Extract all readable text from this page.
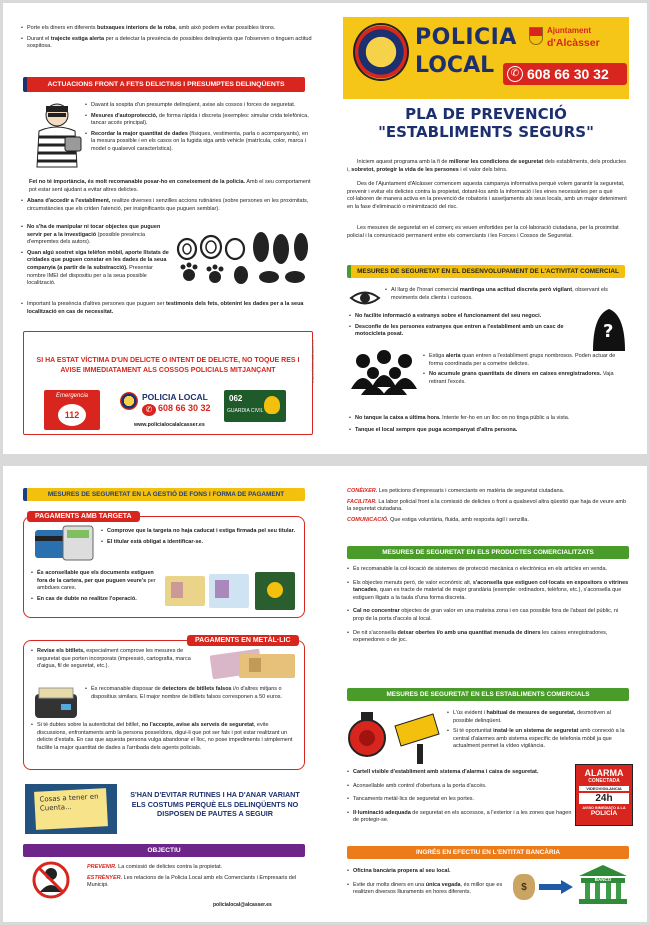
• Porte els diners en diferents butxaques interiors de la roba, amb això podem evitar possibles tirons.
• Durant el trajecte estiga alerta per a detectar la presència de possibles delinqüents que l'observen o tinguen actitud sospitosa.
ACTUACIONS FRONT A FETS DELICTIUS I PRESUMPTES DELINQÜENTS
• Davant la sospita d'un presumpte delinqüent, avise als cossos i forces de seguretat.
• Mesures d'autoprotecció, de forma ràpida i discreta (exemples: simular crida telefònica, tancar accés principal).
• Recordar la major quantitat de dades (físiques, vestimenta, parla o acompanyants), en la mesura possible i en els casos on la fugida siga amb vehicle (matrícula, color, marca i model o qualsevol característica).
Fet no té importància, és molt recomanable posar-ho en coneixement de la policia. Amb el seu comportament pot estar sent ajudant a evitar altres delictes.
• Abans d'accedir a l'establiment, realitze diverses i senzilles accions rutinàries (sobre persones en les proximitats, circumstàncies que els criden l'atenció, per insignificants que puguen semblar).
• No s'ha de manipular ni tocar objectes que puguen servir per a la investigació (possible presència d'empremtes dels autors).
• Quan algú sostret siga telèfon mòbil, aporte llistats de cridades que puguen constar en les dades de la seua companyia (a partir de la substracció). Presentar nombre IMEI del dispositiu per a la seua possible localització.
• Important la presència d'altres persones que puguen ser testimonis dels fets, obtenint les dades per a la seua localització en cas de necessitat.
SI HA ESTAT VÍCTIMA D'UN DELICTE O INTENT DE DELICTE, NO TOQUE RES I AVISE IMMEDIATAMENT ALS COSSOS POLICIALS MITJANÇANT
Emergencia
112
POLICIA LOCAL
✆ 608 66 30 32
www.policialocalalcasser.es
062
GUARDIA CIVIL
www.policialocalalcasser.es
POLICIA
LOCAL
Ajuntament
d'Alcàsser
✆ 608 66 30 32
PLA DE PREVENCIÓ
"ESTABLIMENTS SEGURS"
Iniciem aquest programa amb la fi de millorar les condicions de seguretat dels establiments, dels productes i, sobretot, protegir la vida de les persones i el valor dels béns.
Des de l'Ajuntament d'Alcàsser comencem aquesta campanya informativa perquè volem garantir la seguretat, prevenir i evitar els delictes contra la propietat, dotant-los amb la informació i les eines necessàries per a què col·laboren de manera activa en la prevenció de robatoris i assetjaments als seus locals, amb un major deteniment en la fase d'eliminació o minimització del risc.
Les mesures de seguretat en el comerç es veuen enfortides per la col·laboració ciutadana, per la proximitat policial i la comunicació permanent entre els comerciants i les Forces i Cossos de Seguretat.
MESURES DE SEGURETAT EN EL DESENVOLUPAMENT DE L'ACTIVITAT COMERCIAL
• Al llarg de l'horari comercial mantinga una actitud discreta però vigilant, observant els moviments dels clients i curiosos.
• No facilite informació a estranys sobre el funcionament del seu negoci.
• Desconfie de les persones estranyes que entren a l'establiment amb un casc de motocicleta posat.	?
• Estiga alerta quan entren a l'establiment grups nombrosos. Poden actuar de forma coordinada per a cometre delictes.
• No acumule grans quantitats de diners en caixes enregistradores. Vaja retirant l'excés.
• No tanque la caixa a última hora. Intente fer-ho en un lloc on no tinga públic a la vista.
• Tanque el local sempre que puga acompanyat d'altra persona.
MESURES DE SEGURETAT EN LA GESTIÓ DE FONS I FORMA DE PAGAMENT
PAGAMENTS AMB TARGETA
• Comprove que la targeta no haja caducat i estiga firmada pel seu titular.
• El titular està obligat a identificar-se.
• És aconsellable que els documents estiguen fora de la cartera, per que puguen veure's per ambdues cares.
• En cas de dubte no realitze l'operació.
PAGAMENTS EN METÀL·LIC
• Revise els bitllets, especialment comprove les mesures de seguretat que porten incorporats (impressió, cartografia, marca d'aigua, fil de seguretat, etc.).
• És recomanable disposar de detectors de bitllets falsos i/o d'altres mitjans o dispositius similars. El major nombre de bitllets falsos corresponen a 50 euros.
• Si té dubtes sobre la autenticitat del bitllet, no l'accepte, avise als serveis de seguretat, evite discussions, enfrontaments amb la persona posseïdora, digui-li que pot ser fals i pot estar realitzant un delicte d'estafa. En cas que aquesta persona vulga abandonar el lloc, no pose impediments i simplement facilite la major quantitat de dades a l'arribada dels agents policials.
Cosas a tener en Cuenta...
S'HAN D'EVITAR RUTINES I HA D'ANAR VARIANT ELS COSTUMS PERQUÈ ELS DELINQÜENTS NO DISPOSEN DE PAUTES A SEGUIR
OBJECTIU
PREVENIR. La comissió de delictes contra la propietat.
ESTRÈNYER. Les relacions de la Policia Local amb els Comerciants i Empresaris del Municipi.
policialocal@alcasser.es
CONÈIXER. Les peticions d'empresaris i comerciants en matèria de seguretat ciutadana.
FACILITAR. La labor policial front a la comissió de delictes o front a qualsevol altra qüestió que haja de veure amb la seguretat ciutadana.
COMUNICACIÓ. Que estiga voluntària, fluida, amb resposta àgil i senzilla.
MESURES DE SEGURETAT EN ELS PRODUCTES COMERCIALITZATS
• És recomanable la col·locació de sistemes de protecció mecànica o electrònica en els articles en venda.
• Els objectes menuts però, de valor econòmic alt, s'aconsella que estiguen col·locats en expositors o vitrines tancades, quan es tracte de material de major grandària (exemple: ordinadors, telèfons, etc.), s'aconsella que estiguen lligats a la taula d'una forma discreta.
• Cal no concentrar objectes de gran valor en una mateixa zona i en cas possible fora de l'abast del públic, ni prop de la porta d'accés al local.
• De nit s'aconsella deixar obertes i/o amb una quantitat menuda de diners les caixes enregistradores, expenedores o de joc.
MESURES DE SEGURETAT EN ELS ESTABLIMENTS COMERCIALS
• L'ús evident i habitual de mesures de seguretat, desmotiven al possible delinqüent.
• Si té oportunitat instal·le un sistema de seguretat amb connexió a la central d'alarmes amb sistema específic de telefonia mòbil ja que actualment permet la vídeo vigilància.
• Cartell visible d'establiment amb sistema d'alarma i caixa de seguretat.
• Aconsellable amb control d'obertura a la porta d'accés.
• Tancaments metàl·lics de seguretat en les portes.
• Il·luminació adequada de seguretat en els accessos, a l'exterior i a les zones que hagen de protegir-se.
ALARMA
CONECTADA
VIDEOVIGILANCIA
24h
AVISO INMEDIATO A LA
POLICÍA
INGRÉS EN EFECTIU EN L'ENTITAT BANCÀRIA
• Oficina bancària propera al seu local.
• Evite dur molts diners en una única vegada, és millor que es realitzen diversos lliuraments en hores diferents.	$
BANCO
